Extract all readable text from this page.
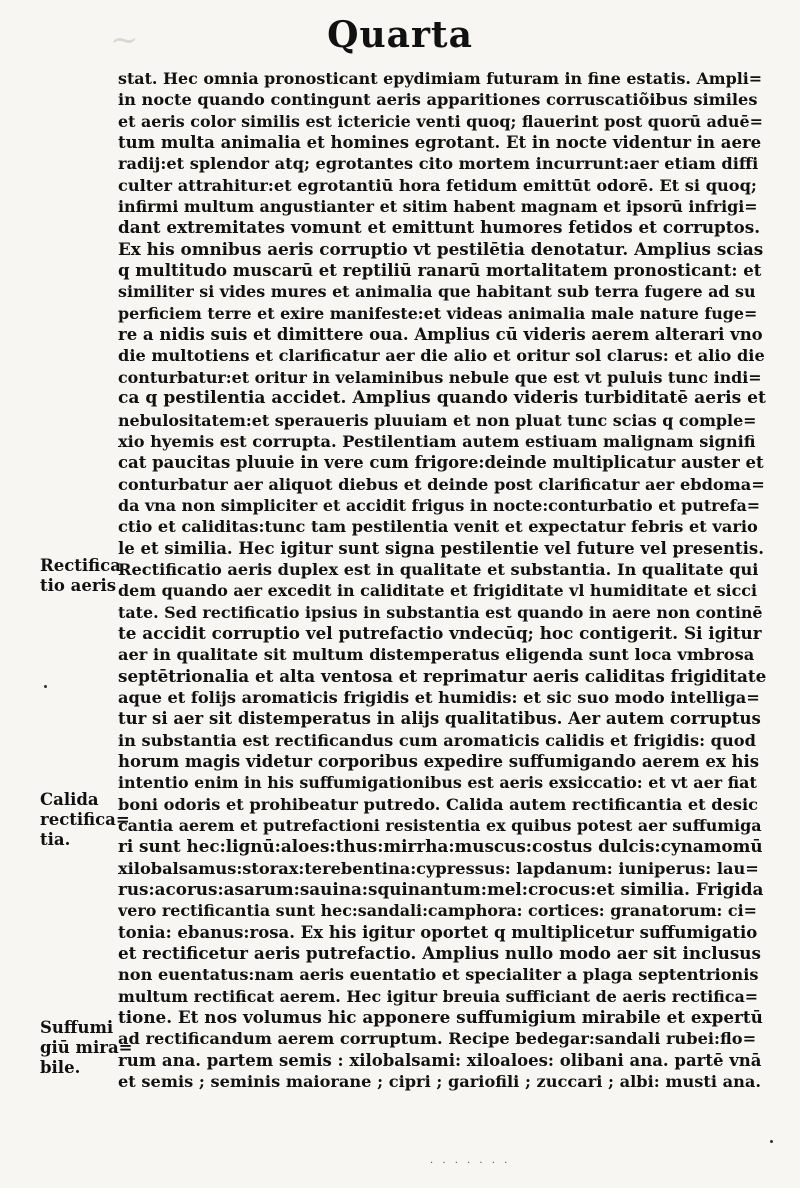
~	Quarta
stat. Hec omnia pronosticant epydimiam futuram in fine estatis. Ampli=
in nocte quando contingunt aeris apparitiones corruscatiõibus similes
et aeris color similis est ictericie venti quoq; flauerint post quorū aduē=
tum multa animalia et homines egrotant. Et in nocte videntur in aere
radij:et splendor atq; egrotantes cito mortem incurrunt:aer etiam diffi
culter attrahitur:et egrotantiū hora fetidum emittūt odorē. Et si quoq;
infirmi multum angustianter et sitim habent magnam et ipsorū infrigi=
dant extremitates vomunt et emittunt humores fetidos et corruptos.
Ex his omnibus aeris corruptio vt pestilētia denotatur. Amplius scias
q multitudo muscarū et reptiliū ranarū mortalitatem pronosticant: et
similiter si vides mures et animalia que habitant sub terra fugere ad su
perficiem terre et exire manifeste:et videas animalia male nature fuge=
re a nidis suis et dimittere oua. Amplius cū videris aerem alterari vno
die multotiens et clarificatur aer die alio et oritur sol clarus: et alio die
conturbatur:et oritur in velaminibus nebule que est vt puluis tunc indi=
ca q pestilentia accidet. Amplius quando videris turbiditatē aeris et
nebulositatem:et speraueris pluuiam et non pluat tunc scias q comple=
xio hyemis est corrupta. Pestilentiam autem estiuam malignam signifi
cat paucitas pluuie in vere cum frigore:deinde multiplicatur auster et
conturbatur aer aliquot diebus et deinde post clarificatur aer ebdoma=
da vna non simpliciter et accidit frigus in nocte:conturbatio et putrefa=
ctio et caliditas:tunc tam pestilentia venit et expectatur febris et vario
le et similia. Hec igitur sunt signa pestilentie vel future vel presentis.
Rectificatio aeris duplex est in qualitate et substantia. In qualitate qui
dem quando aer excedit in caliditate et frigiditate vl humiditate et sicci
tate. Sed rectificatio ipsius in substantia est quando in aere non continē
te accidit corruptio vel putrefactio vndecūq; hoc contigerit. Si igitur
aer in qualitate sit multum distemperatus eligenda sunt loca vmbrosa
septētrionalia et alta ventosa et reprimatur aeris caliditas frigiditate
aque et folijs aromaticis frigidis et humidis: et sic suo modo intelliga=
tur si aer sit distemperatus in alijs qualitatibus. Aer autem corruptus
in substantia est rectificandus cum aromaticis calidis et frigidis: quod
horum magis videtur corporibus expedire suffumigando aerem ex his
intentio enim in his suffumigationibus est aeris exsiccatio: et vt aer fiat
boni odoris et prohibeatur putredo. Calida autem rectificantia et desic
cantia aerem et putrefactioni resistentia ex quibus potest aer suffumiga
ri sunt hec:lignū:aloes:thus:mirrha:muscus:costus dulcis:cynamomū
xilobalsamus:storax:terebentina:cypressus: lapdanum: iuniperus: lau=
rus:acorus:asarum:sauina:squinantum:mel:crocus:et similia. Frigida
vero rectificantia sunt hec:sandali:camphora: cortices: granatorum: ci=
tonia: ebanus:rosa. Ex his igitur oportet q multiplicetur suffumigatio
et rectificetur aeris putrefactio. Amplius nullo modo aer sit inclusus
non euentatus:nam aeris euentatio et specialiter a plaga septentrionis
multum rectificat aerem. Hec igitur breuia sufficiant de aeris rectifica=
tione. Et nos volumus hic apponere suffumigium mirabile et expertū
ad rectificandum aerem corruptum. Recipe bedegar:sandali rubei:flo=
rum ana. partem semis : xilobalsami: xiloaloes: olibani ana. partē vnā
et semis ; seminis maiorane ; cipri ; gariofili ; zuccari ; albi: musti ana.
Rectifica
tio aeris
Calida
rectifica=
tia.
Suffumi
giū mira=
bile.
· · · · · · ·
